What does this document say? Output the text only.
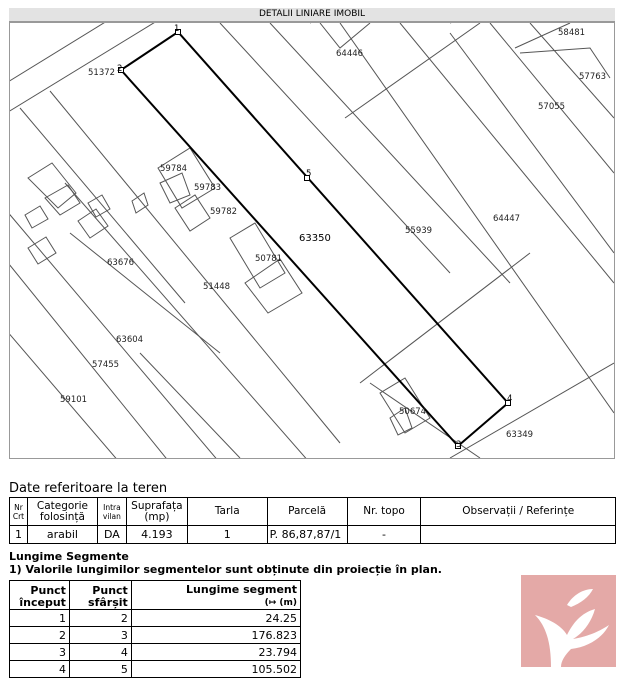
DETALII LINIARE IMOBIL
1
2
3
4
5
63350
64446
58481
51372	57763
57055
59784
59783
59782
55939
64447
50781
63676
51448
63604
57455
59101
50674
63349
Date referitoare la teren
Nr Crt	Categorie folosință	Intra vilan	Suprafața (mp)	Tarla	Parcelă	Nr. topo	Observații / Referințe
1	arabil	DA	4.193	1	P. 86,87,87/1	-	
Lungime Segmente
1) Valorile lungimilor segmentelor sunt obținute din proiecție în plan.
Punct început	Punct sfârșit	Lungime segment
(↦ (m)
1	2	24.25
2	3	176.823
3	4	23.794
4	5	105.502
